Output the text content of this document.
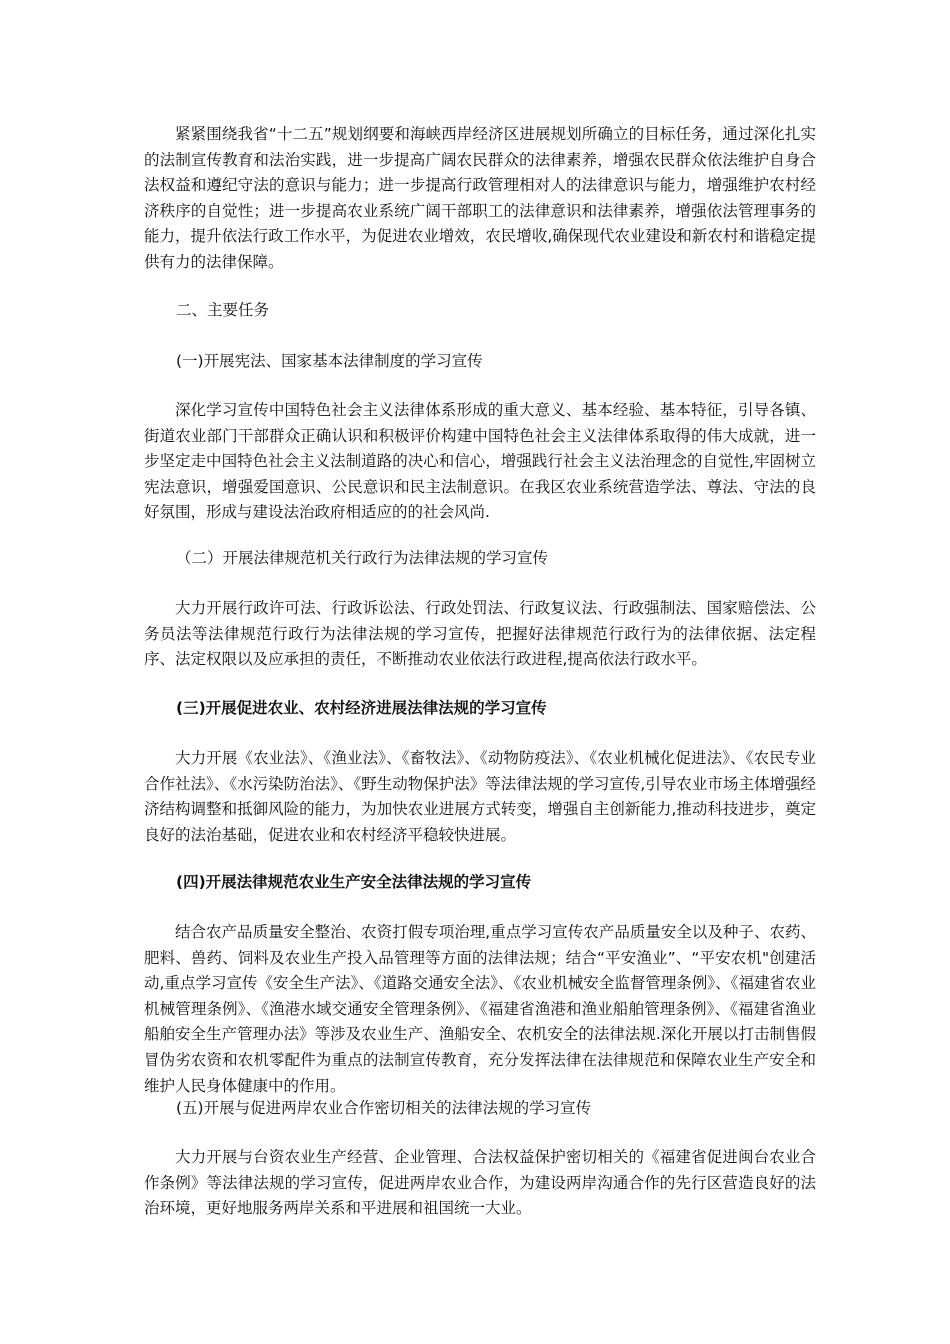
紧紧围绕我省“十二五”规划纲要和海峡西岸经济区进展规划所确立的目标任务，通过深化扎实的法制宣传教育和法治实践，进一步提高广阔农民群众的法律素养，增强农民群众依法维护自身合法权益和遵纪守法的意识与能力；进一步提高行政管理相对人的法律意识与能力，增强维护农村经济秩序的自觉性；进一步提高农业系统广阔干部职工的法律意识和法律素养，增强依法管理事务的能力，提升依法行政工作水平，为促进农业增效，农民增收,确保现代农业建设和新农村和谐稳定提供有力的法律保障。

二、主要任务
(一)开展宪法、国家基本法律制度的学习宣传

深化学习宣传中国特色社会主义法律体系形成的重大意义、基本经验、基本特征，引导各镇、街道农业部门干部群众正确认识和积极评价构建中国特色社会主义法律体系取得的伟大成就，进一步坚定走中国特色社会主义法制道路的决心和信心，增强践行社会主义法治理念的自觉性,牢固树立宪法意识，增强爱国意识、公民意识和民主法制意识。在我区农业系统营造学法、尊法、守法的良好氛围，形成与建设法治政府相适应的的社会风尚.

（二）开展法律规范机关行政行为法律法规的学习宣传

大力开展行政许可法、行政诉讼法、行政处罚法、行政复议法、行政强制法、国家赔偿法、公务员法等法律规范行政行为法律法规的学习宣传，把握好法律规范行政行为的法律依据、法定程序、法定权限以及应承担的责任，不断推动农业依法行政进程,提高依法行政水平。

(三)开展促进农业、农村经济进展法律法规的学习宣传

大力开展《农业法》、《渔业法》、《畜牧法》、《动物防疫法》、《农业机械化促进法》、《农民专业合作社法》、《水污染防治法》、《野生动物保护法》等法律法规的学习宣传,引导农业市场主体增强经济结构调整和抵御风险的能力，为加快农业进展方式转变，增强自主创新能力,推动科技进步，奠定良好的法治基础，促进农业和农村经济平稳较快进展。

(四)开展法律规范农业生产安全法律法规的学习宣传

结合农产品质量安全整治、农资打假专项治理,重点学习宣传农产品质量安全以及种子、农药、肥料、兽药、饲料及农业生产投入品管理等方面的法律法规；结合“平安渔业”、“平安农机"创建活动,重点学习宣传《安全生产法》、《道路交通安全法》、《农业机械安全监督管理条例》、《福建省农业机械管理条例》、《渔港水域交通安全管理条例》、《福建省渔港和渔业船舶管理条例》、《福建省渔业船舶安全生产管理办法》等涉及农业生产、渔船安全、农机安全的法律法规.深化开展以打击制售假冒伪劣农资和农机零配件为重点的法制宣传教育，充分发挥法律在法律规范和保障农业生产安全和维护人民身体健康中的作用。

(五)开展与促进两岸农业合作密切相关的法律法规的学习宣传

大力开展与台资农业生产经营、企业管理、合法权益保护密切相关的《福建省促进闽台农业合作条例》等法律法规的学习宣传，促进两岸农业合作，为建设两岸沟通合作的先行区营造良好的法治环境，更好地服务两岸关系和平进展和祖国统一大业。
